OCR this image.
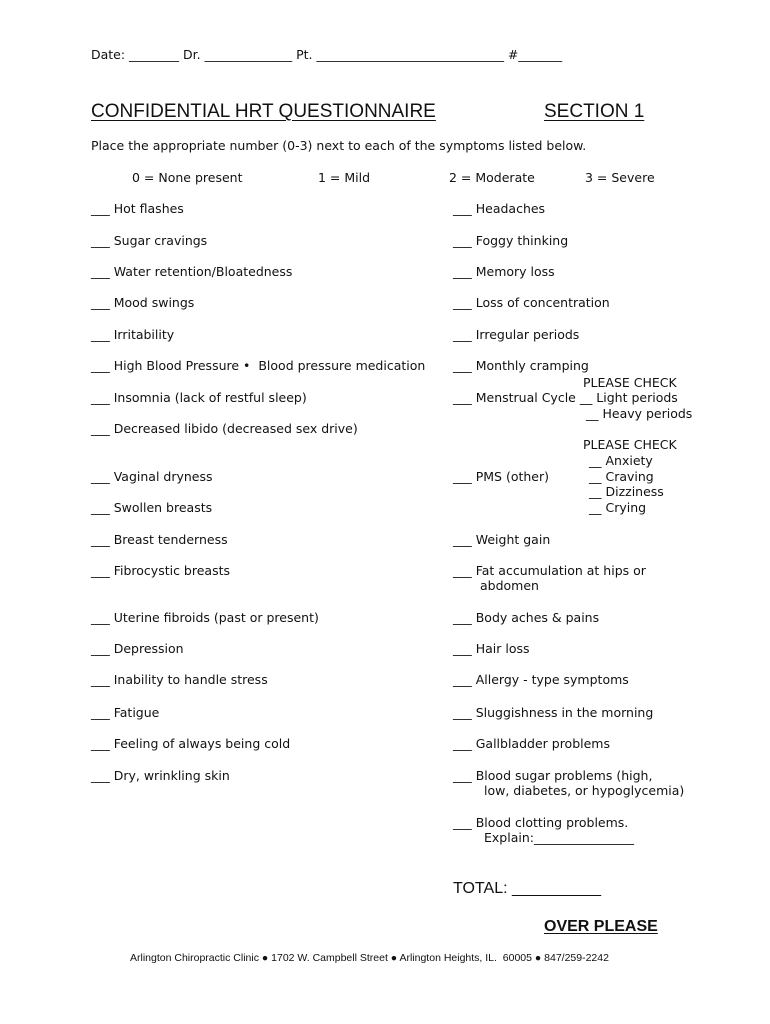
Date: ________ Dr. ______________ Pt. ______________________________ #_______
CONFIDENTIAL HRT QUESTIONNAIRE	SECTION 1
Place the appropriate number (0-3) next to each of the symptoms listed below.
0 = None present	1 = Mild	2 = Moderate	3 = Severe
___ Hot flashes
___ Sugar cravings
___ Water retention/Bloatedness
___ Mood swings
___ Irritability
___ High Blood Pressure •  Blood pressure medication
___ Insomnia (lack of restful sleep)
___ Decreased libido (decreased sex drive)
___ Vaginal dryness
___ Swollen breasts
___ Breast tenderness
___ Fibrocystic breasts
___ Uterine fibroids (past or present)
___ Depression
___ Inability to handle stress
___ Fatigue
___ Feeling of always being cold
___ Dry, wrinkling skin
___ Headaches
___ Foggy thinking
___ Memory loss
___ Loss of concentration
___ Irregular periods
___ Monthly cramping
PLEASE CHECK
___ Menstrual Cycle __ Light periods
__ Heavy periods
PLEASE CHECK
__ Anxiety
___ PMS (other)	__ Craving
__ Dizziness
__ Crying
___ Weight gain
___ Fat accumulation at hips or
abdomen
___ Body aches & pains
___ Hair loss
___ Allergy - type symptoms
___ Sluggishness in the morning
___ Gallbladder problems
___ Blood sugar problems (high,
low, diabetes, or hypoglycemia)
___ Blood clotting problems.
Explain:________________
TOTAL: __________
OVER PLEASE
Arlington Chiropractic Clinic ● 1702 W. Campbell Street ● Arlington Heights, IL.  60005 ● 847/259-2242
